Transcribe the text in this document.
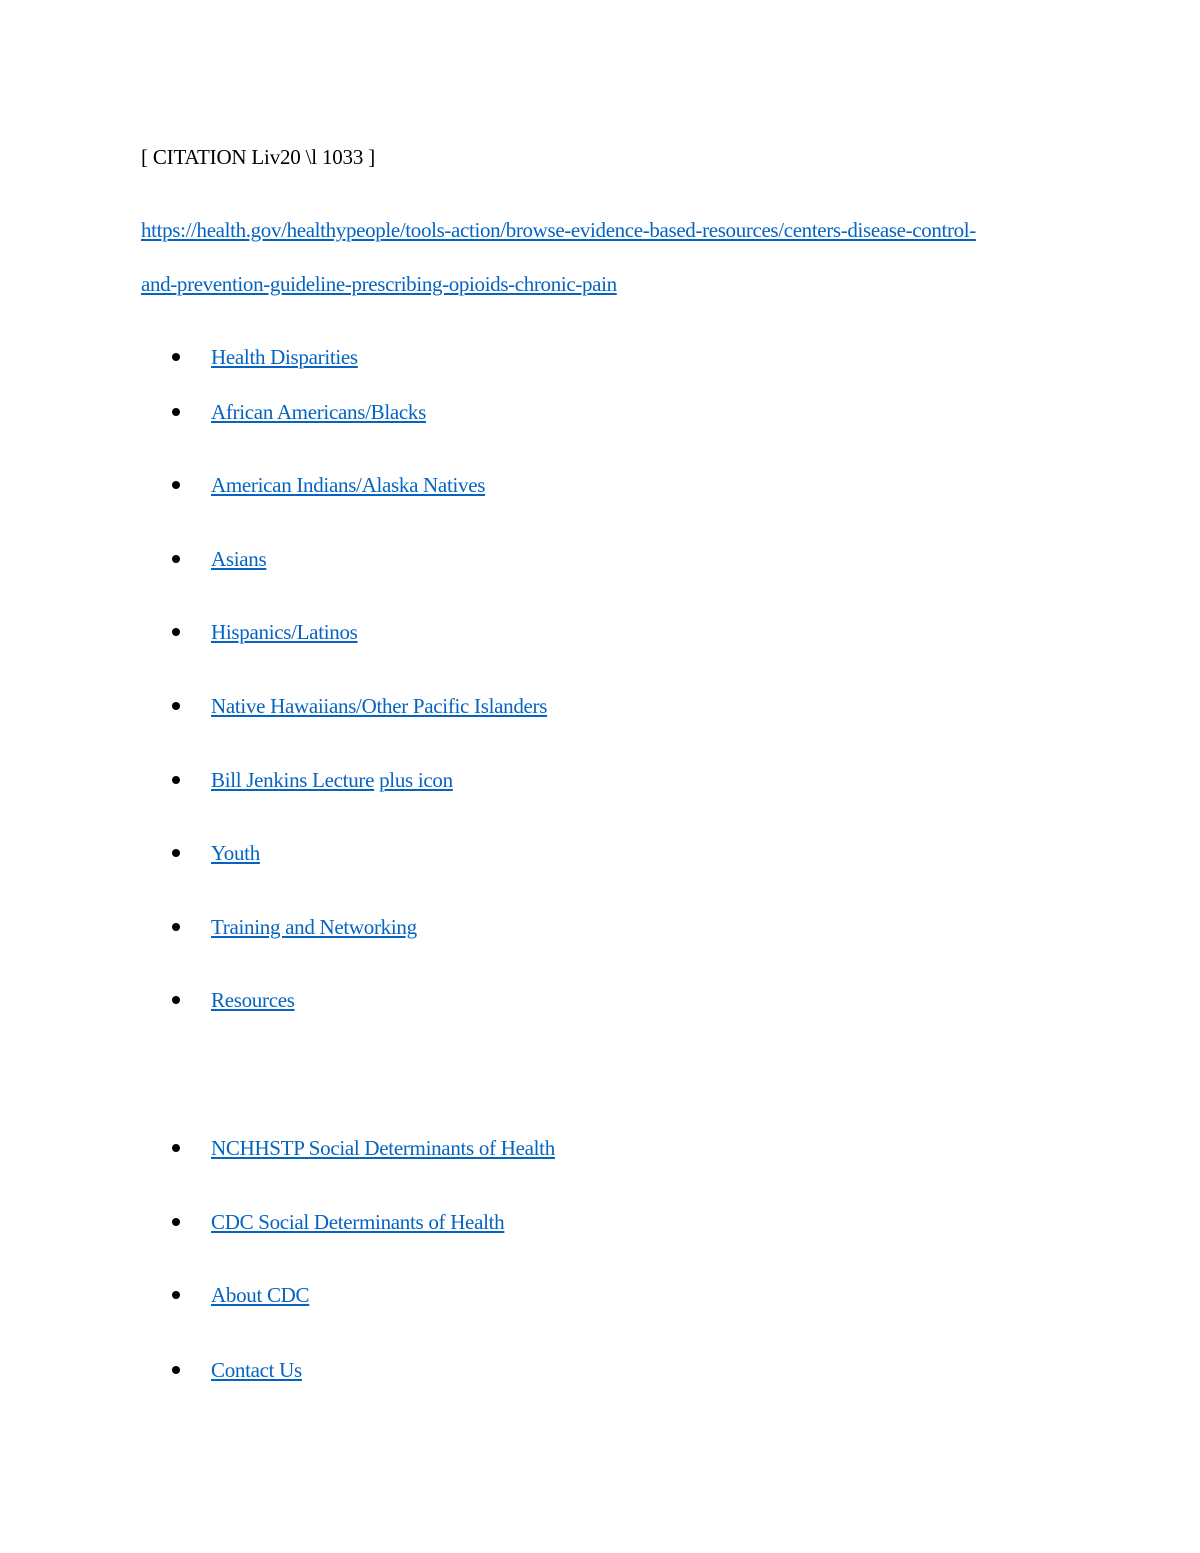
[ CITATION Liv20 \l 1033 ]
https://health.gov/healthypeople/tools-action/browse-evidence-based-resources/centers-disease-control-
and-prevention-guideline-prescribing-opioids-chronic-pain
Health Disparities
African Americans/Blacks
American Indians/Alaska Natives
Asians
Hispanics/Latinos
Native Hawaiians/Other Pacific Islanders
Bill Jenkins Lecture plus icon
Youth
Training and Networking
Resources
NCHHSTP Social Determinants of Health
CDC Social Determinants of Health
About CDC
Contact Us
